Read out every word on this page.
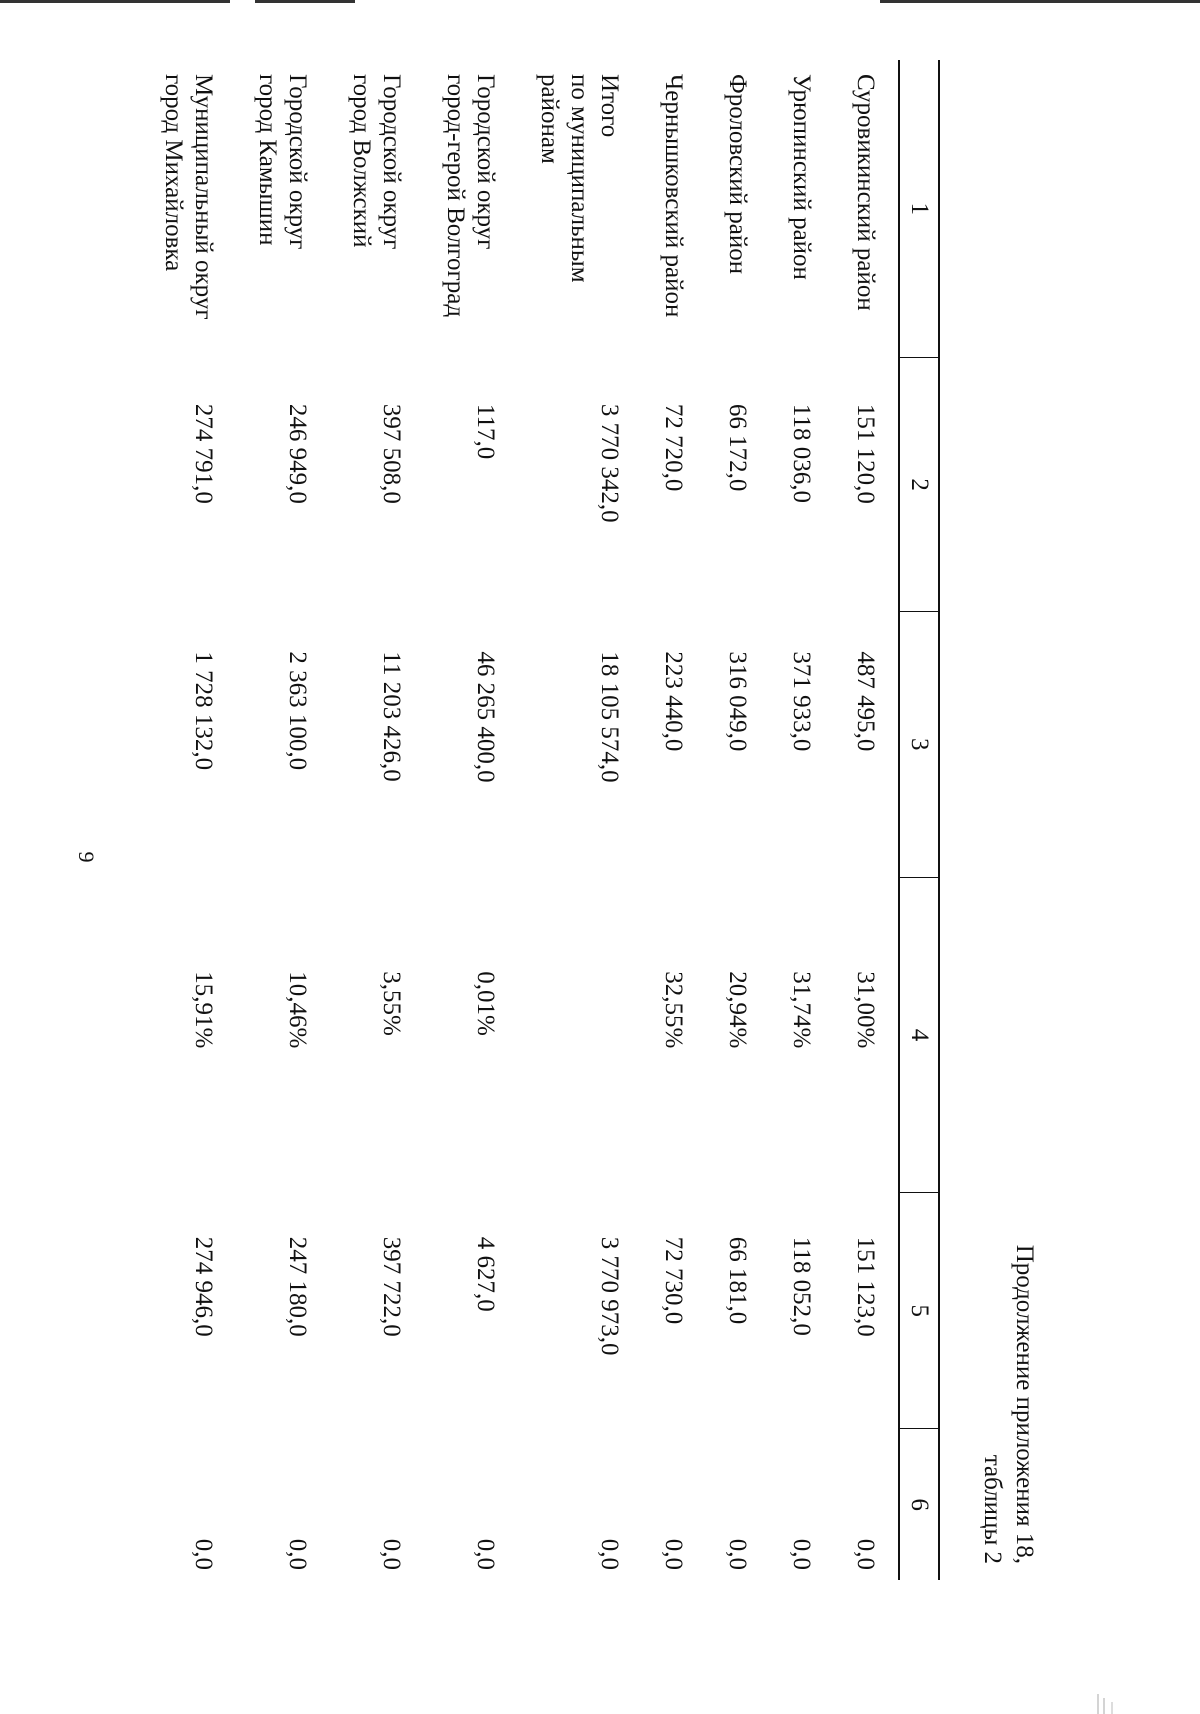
9
Продолжение приложения 18,
таблицы 2
1	2	3	4	5	6

Суровикинский район	151 120,0	487 495,0	31,00%	151 123,0	0,0

Урюпинский район	118 036,0	371 933,0	31,74%	118 052,0	0,0

Фроловский район	66 172,0	316 049,0	20,94%	66 181,0	0,0

Чернышковский район	72 720,0	223 440,0	32,55%	72 730,0	0,0

Итого
по муниципальным
районам	3 770 342,0	18 105 574,0		3 770 973,0	0,0

Городской округ
город-герой Волгоград	117,0	46 265 400,0	0,01%	4 627,0	0,0

Городской округ
город Волжский	397 508,0	11 203 426,0	3,55%	397 722,0	0,0

Городской округ
город Камышин	246 949,0	2 363 100,0	10,46%	247 180,0	0,0

Муниципальный округ
город Михайловка	274 791,0	1 728 132,0	15,91%	274 946,0	0,0
